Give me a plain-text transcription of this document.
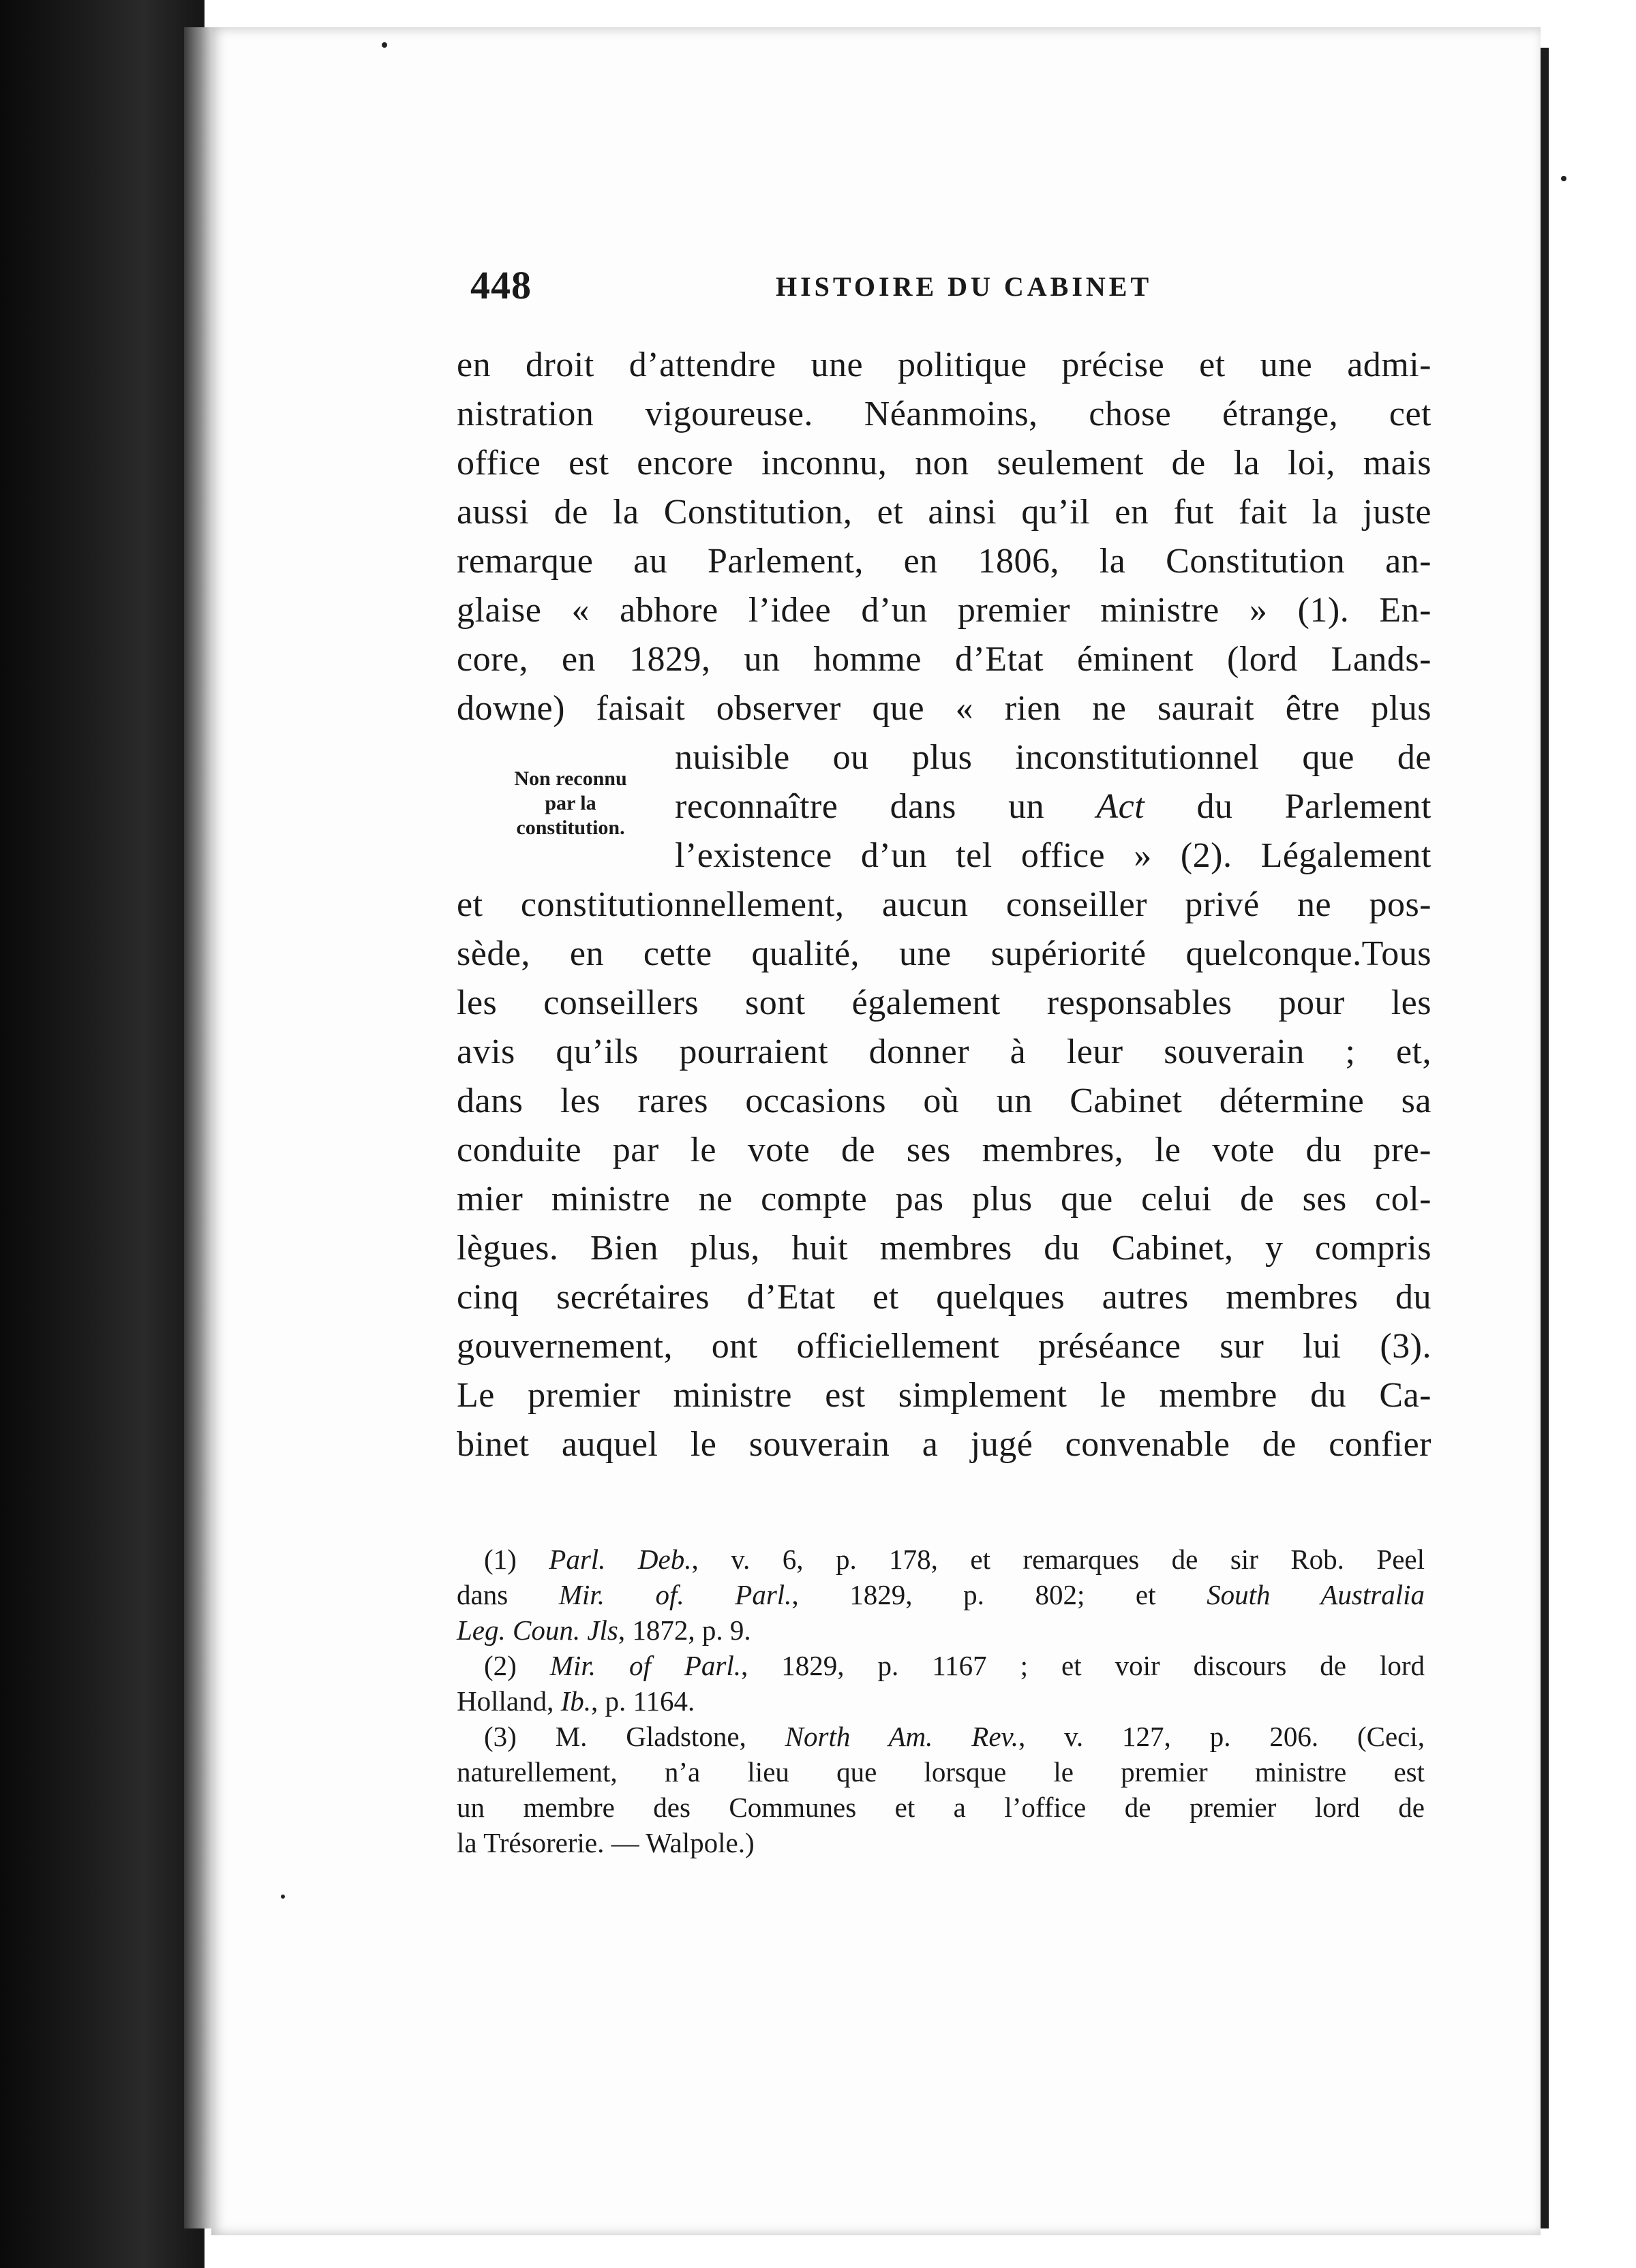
448	HISTOIRE DU CABINET
Non reconnu
par la
constitution.
en droit d’attendre une politique précise et une admi-
nistration vigoureuse. Néanmoins, chose étrange, cet
office est encore inconnu, non seulement de la loi, mais
aussi de la Constitution, et ainsi qu’il en fut fait la juste
remarque au Parlement, en 1806, la Constitution an-
glaise « abhore l’idee d’un premier ministre » (1). En-
core, en 1829, un homme d’Etat éminent (lord Lands-
downe) faisait observer que « rien ne saurait être plus
nuisible ou plus inconstitutionnel que de
reconnaître dans un Act du Parlement
l’existence d’un tel office » (2). Légalement
et constitutionnellement, aucun conseiller privé ne pos-
sède, en cette qualité, une supériorité quelconque.Tous
les conseillers sont également responsables pour les
avis qu’ils pourraient donner à leur souverain ; et,
dans les rares occasions où un Cabinet détermine sa
conduite par le vote de ses membres, le vote du pre-
mier ministre ne compte pas plus que celui de ses col-
lègues. Bien plus, huit membres du Cabinet, y compris
cinq secrétaires d’Etat et quelques autres membres du
gouvernement, ont officiellement préséance sur lui (3).
Le premier ministre est simplement le membre du Ca-
binet auquel le souverain a jugé convenable de confier
(1) Parl. Deb., v. 6, p. 178, et remarques de sir Rob. Peel
dans Mir. of. Parl., 1829, p. 802; et South Australia
Leg. Coun. Jls, 1872, p. 9.
(2) Mir. of Parl., 1829, p. 1167 ; et voir discours de lord
Holland, Ib., p. 1164.
(3) M. Gladstone, North Am. Rev., v. 127, p. 206. (Ceci,
naturellement, n’a lieu que lorsque le premier ministre est
un membre des Communes et a l’office de premier lord de
la Trésorerie. — Walpole.)
